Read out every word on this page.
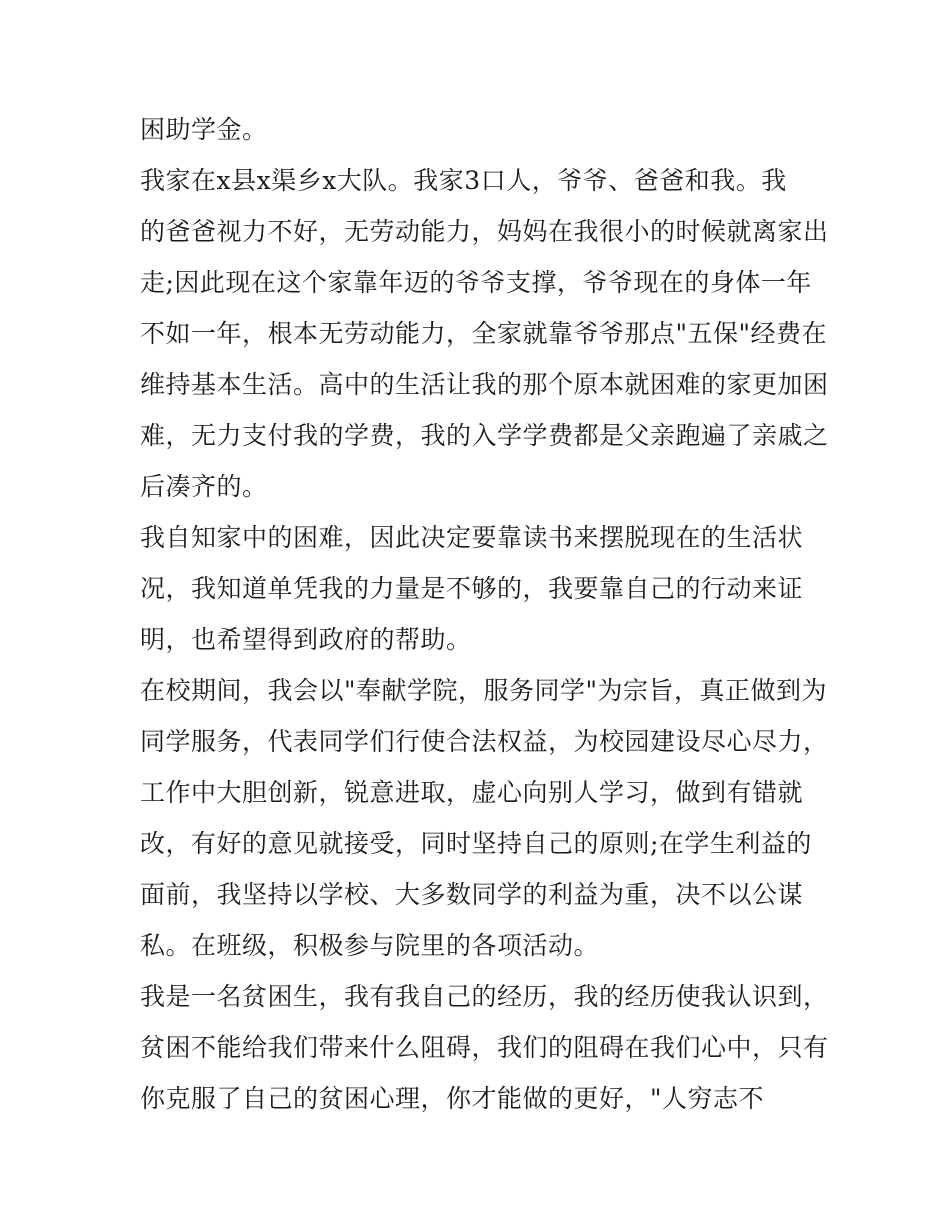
困助学金。
我家在x县x渠乡x大队。我家3口人，爷爷、爸爸和我。我
的爸爸视力不好，无劳动能力，妈妈在我很小的时候就离家出
走;因此现在这个家靠年迈的爷爷支撑，爷爷现在的身体一年
不如一年，根本无劳动能力，全家就靠爷爷那点"五保"经费在
维持基本生活。高中的生活让我的那个原本就困难的家更加困
难，无力支付我的学费，我的入学学费都是父亲跑遍了亲戚之
后凑齐的。
我自知家中的困难，因此决定要靠读书来摆脱现在的生活状
况，我知道单凭我的力量是不够的，我要靠自己的行动来证
明，也希望得到政府的帮助。
在校期间，我会以"奉献学院，服务同学"为宗旨，真正做到为
同学服务，代表同学们行使合法权益，为校园建设尽心尽力，
工作中大胆创新，锐意进取，虚心向别人学习，做到有错就
改，有好的意见就接受，同时坚持自己的原则;在学生利益的
面前，我坚持以学校、大多数同学的利益为重，决不以公谋
私。在班级，积极参与院里的各项活动。
我是一名贫困生，我有我自己的经历，我的经历使我认识到，
贫困不能给我们带来什么阻碍，我们的阻碍在我们心中，只有
你克服了自己的贫困心理，你才能做的更好，"人穷志不
